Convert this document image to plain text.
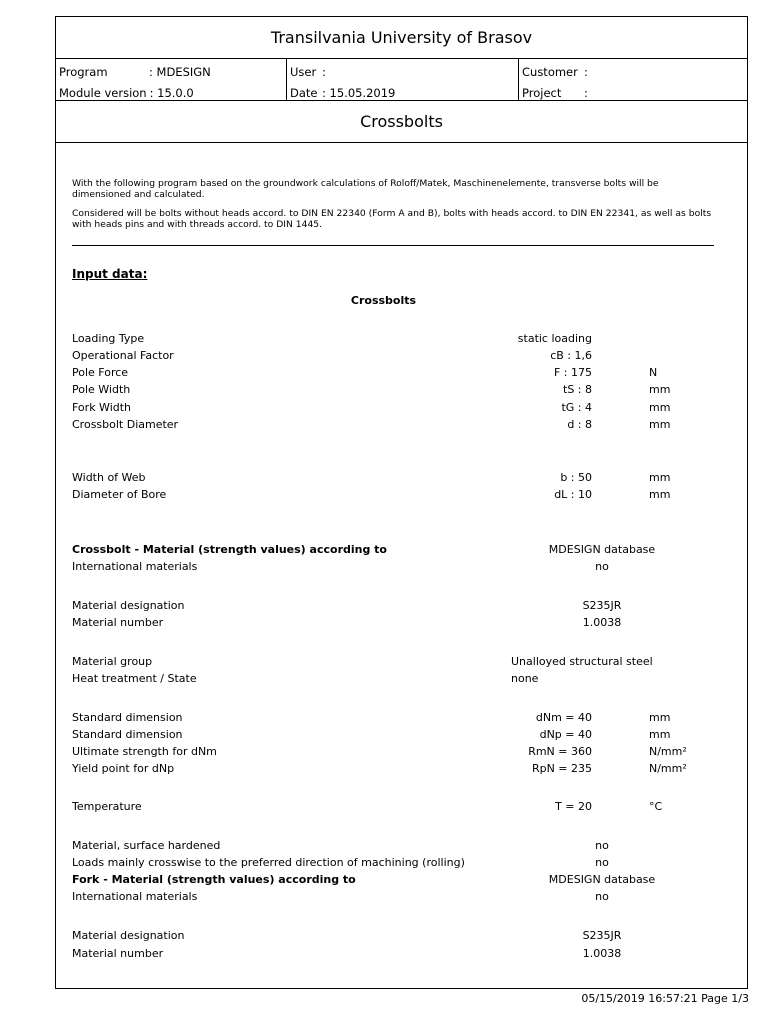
Transilvania University of Brasov
Program	: MDESIGN
Module version : 15.0.0
User :
Date : 15.05.2019
Customer :
Project :
Crossbolts

With the following program based on the groundwork calculations of Roloff/Matek, Maschinenelemente, transverse bolts will be dimensioned and calculated.

Considered will be bolts without heads accord. to DIN EN 22340 (Form A and B), bolts with heads accord. to DIN EN 22341, as well as bolts with heads pins and with threads accord. to DIN 1445.

Input data:
Crossbolts
Loading Type	static loading
Operational Factor	cB : 1,6
Pole Force	F : 175	N
Pole Width	tS : 8	mm
Fork Width	tG : 4	mm
Crossbolt Diameter	d : 8	mm
Width of Web	b : 50	mm
Diameter of Bore	dL : 10	mm
Crossbolt - Material (strength values) according to	MDESIGN database
International materials	no
Material designation	S235JR
Material number	1.0038
Material group	Unalloyed structural steel
Heat treatment / State	none
Standard dimension	dNm = 40	mm
Standard dimension	dNp = 40	mm
Ultimate strength for dNm	RmN = 360	N/mm²
Yield point for dNp	RpN = 235	N/mm²
Temperature	T = 20	°C
Material, surface hardened	no
Loads mainly crosswise to the preferred direction of machining (rolling)	no
Fork - Material (strength values) according to	MDESIGN database
International materials	no
Material designation	S235JR
Material number	1.0038
05/15/2019 16:57:21 Page 1/3
